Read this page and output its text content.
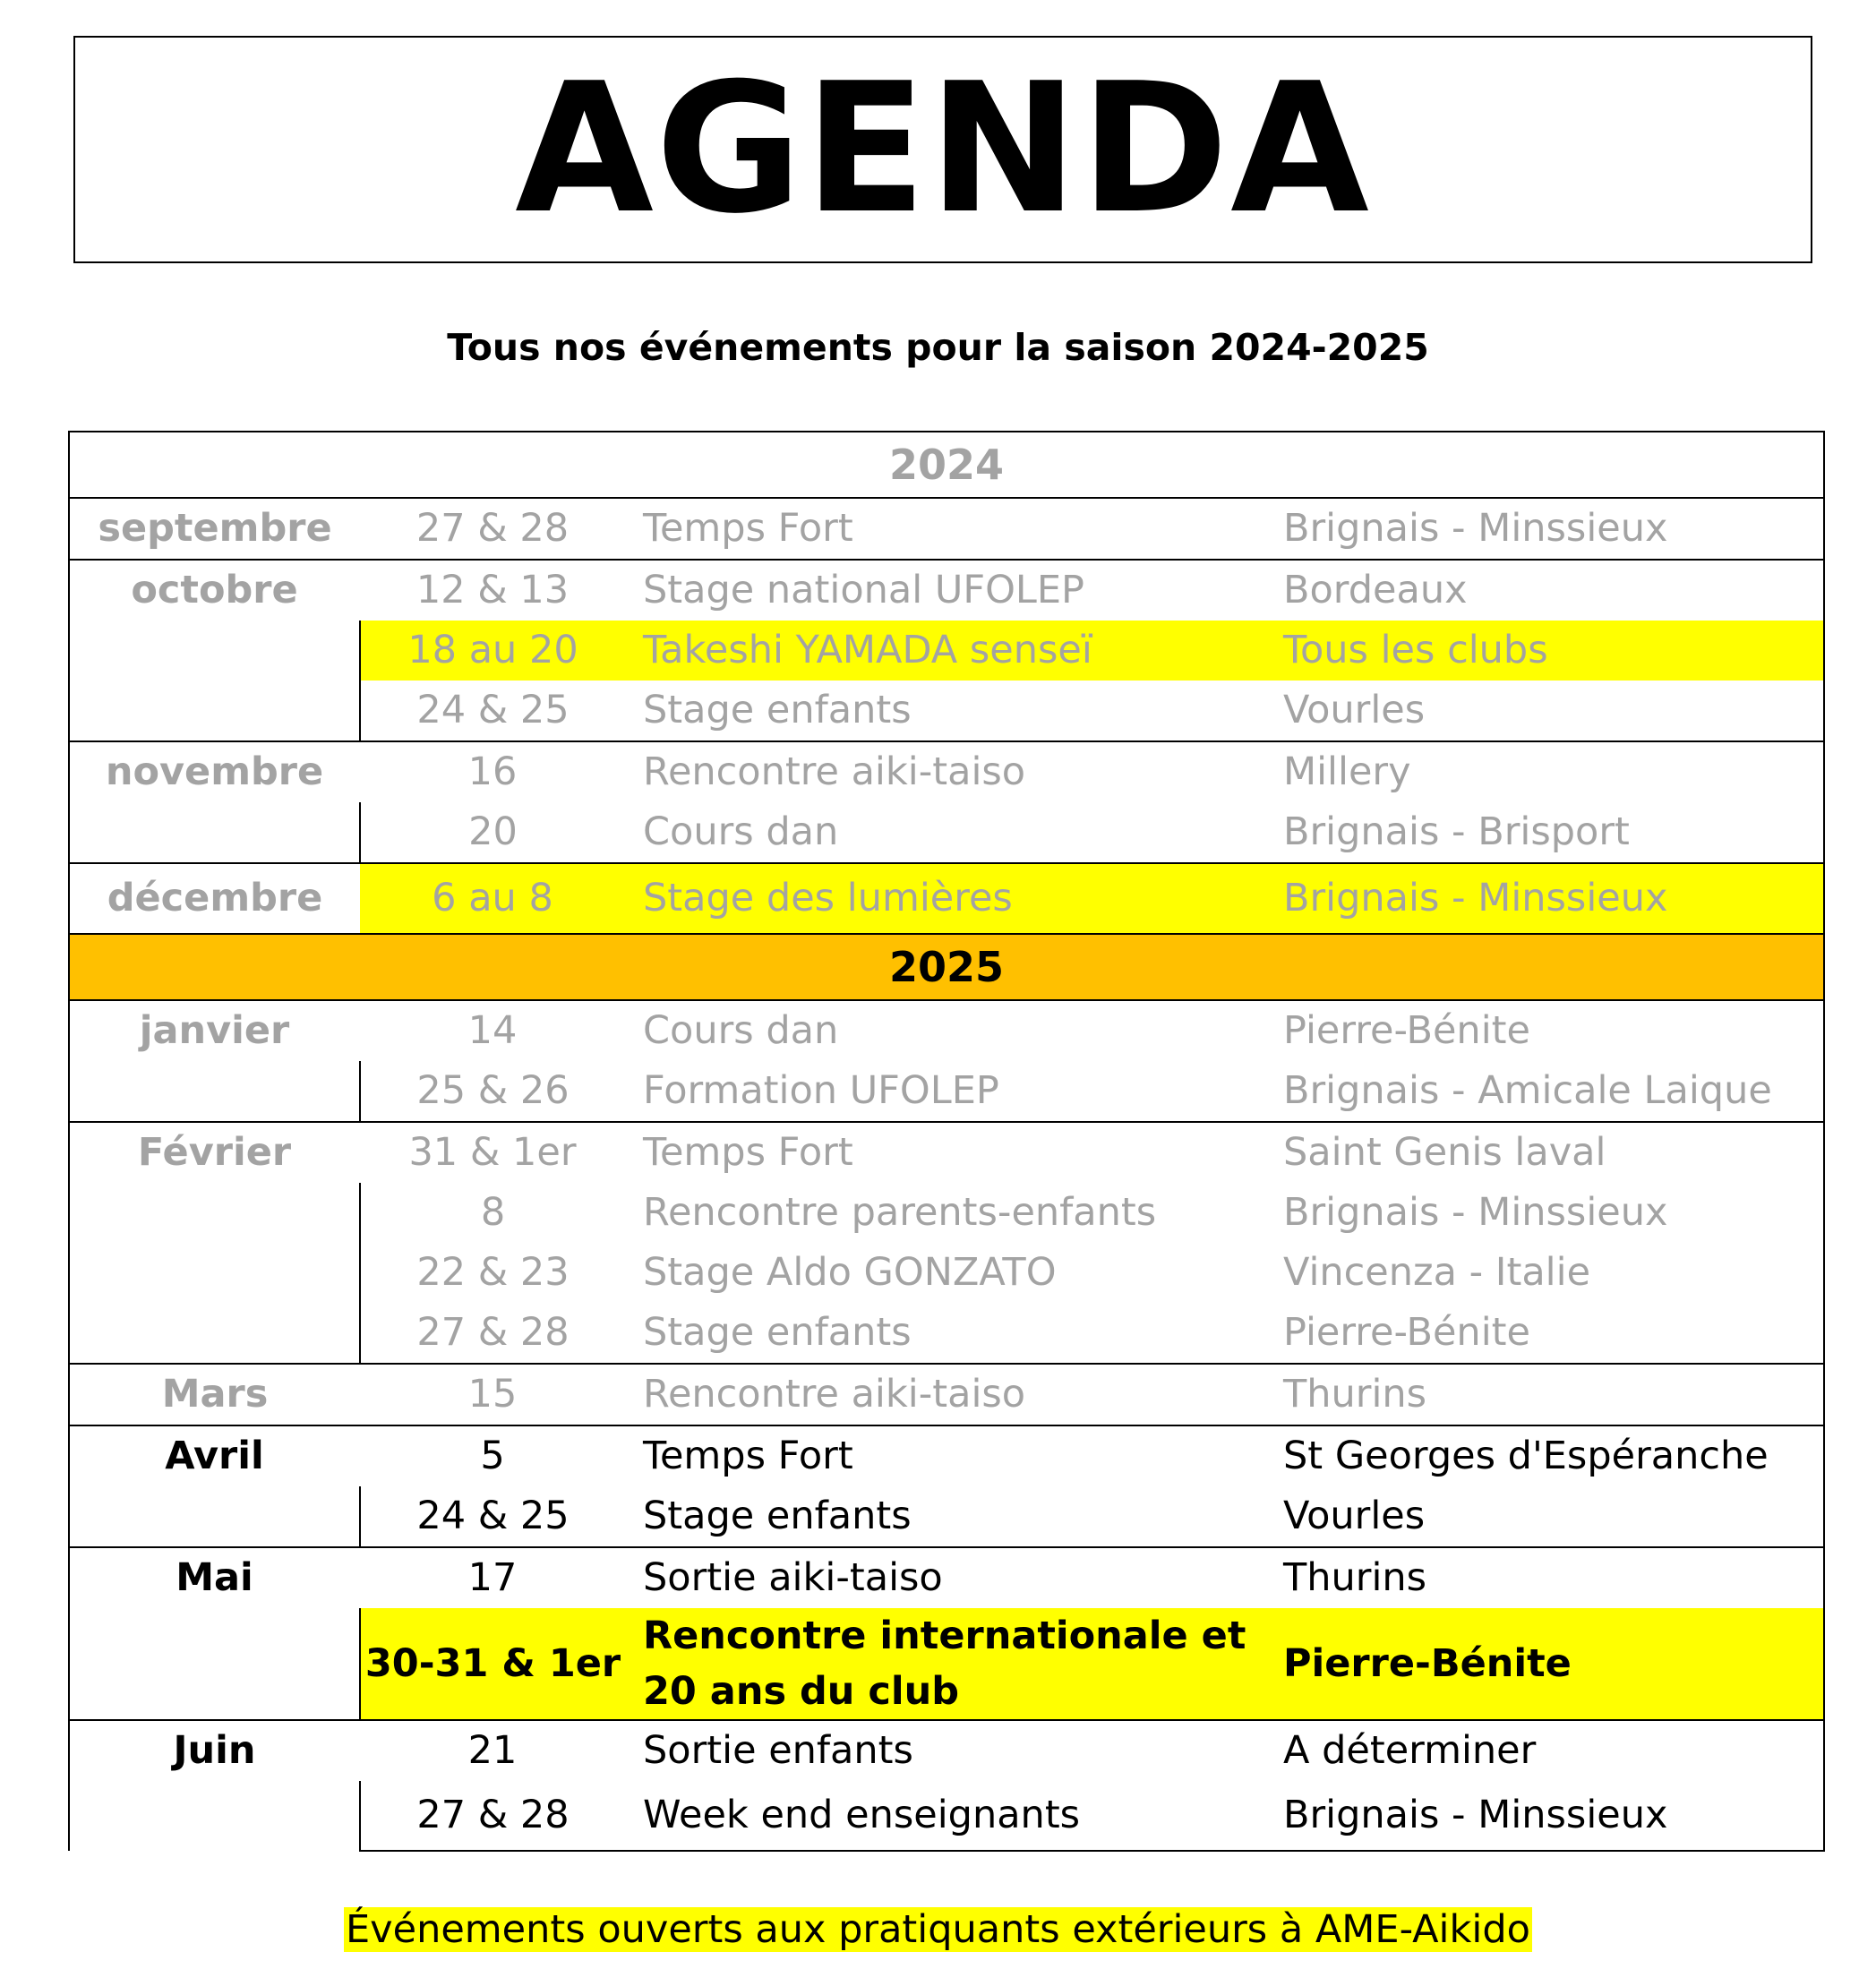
AGENDA
Tous nos événements pour la saison 2024-2025
2024			
septembre	27 & 28	Temps Fort	Brignais - Minssieux
octobre	12 & 13	Stage national UFOLEP	Bordeaux
	18 au 20	Takeshi YAMADA senseï	Tous les clubs
	24 & 25	Stage enfants	Vourles
novembre	16	Rencontre aiki-taiso	Millery
	20	Cours dan	Brignais - Brisport
décembre	6 au 8	Stage des lumières	Brignais - Minssieux
2025			
janvier	14	Cours dan	Pierre-Bénite
	25 & 26	Formation UFOLEP	Brignais - Amicale Laique
Février	31 & 1er	Temps Fort	Saint Genis laval
	8	Rencontre parents-enfants	Brignais - Minssieux
	22 & 23	Stage Aldo GONZATO	Vincenza - Italie
	27 & 28	Stage enfants	Pierre-Bénite
Mars	15	Rencontre aiki-taiso	Thurins
Avril	5	Temps Fort	St Georges d'Espéranche
	24 & 25	Stage enfants	Vourles
Mai	17	Sortie aiki-taiso	Thurins
	30-31 & 1er	Rencontre internationale et 20 ans du club	Pierre-Bénite
Juin	21	Sortie enfants	A déterminer
	27 & 28	Week end enseignants	Brignais - Minssieux
Événements ouverts aux pratiquants extérieurs à AME-Aikido
